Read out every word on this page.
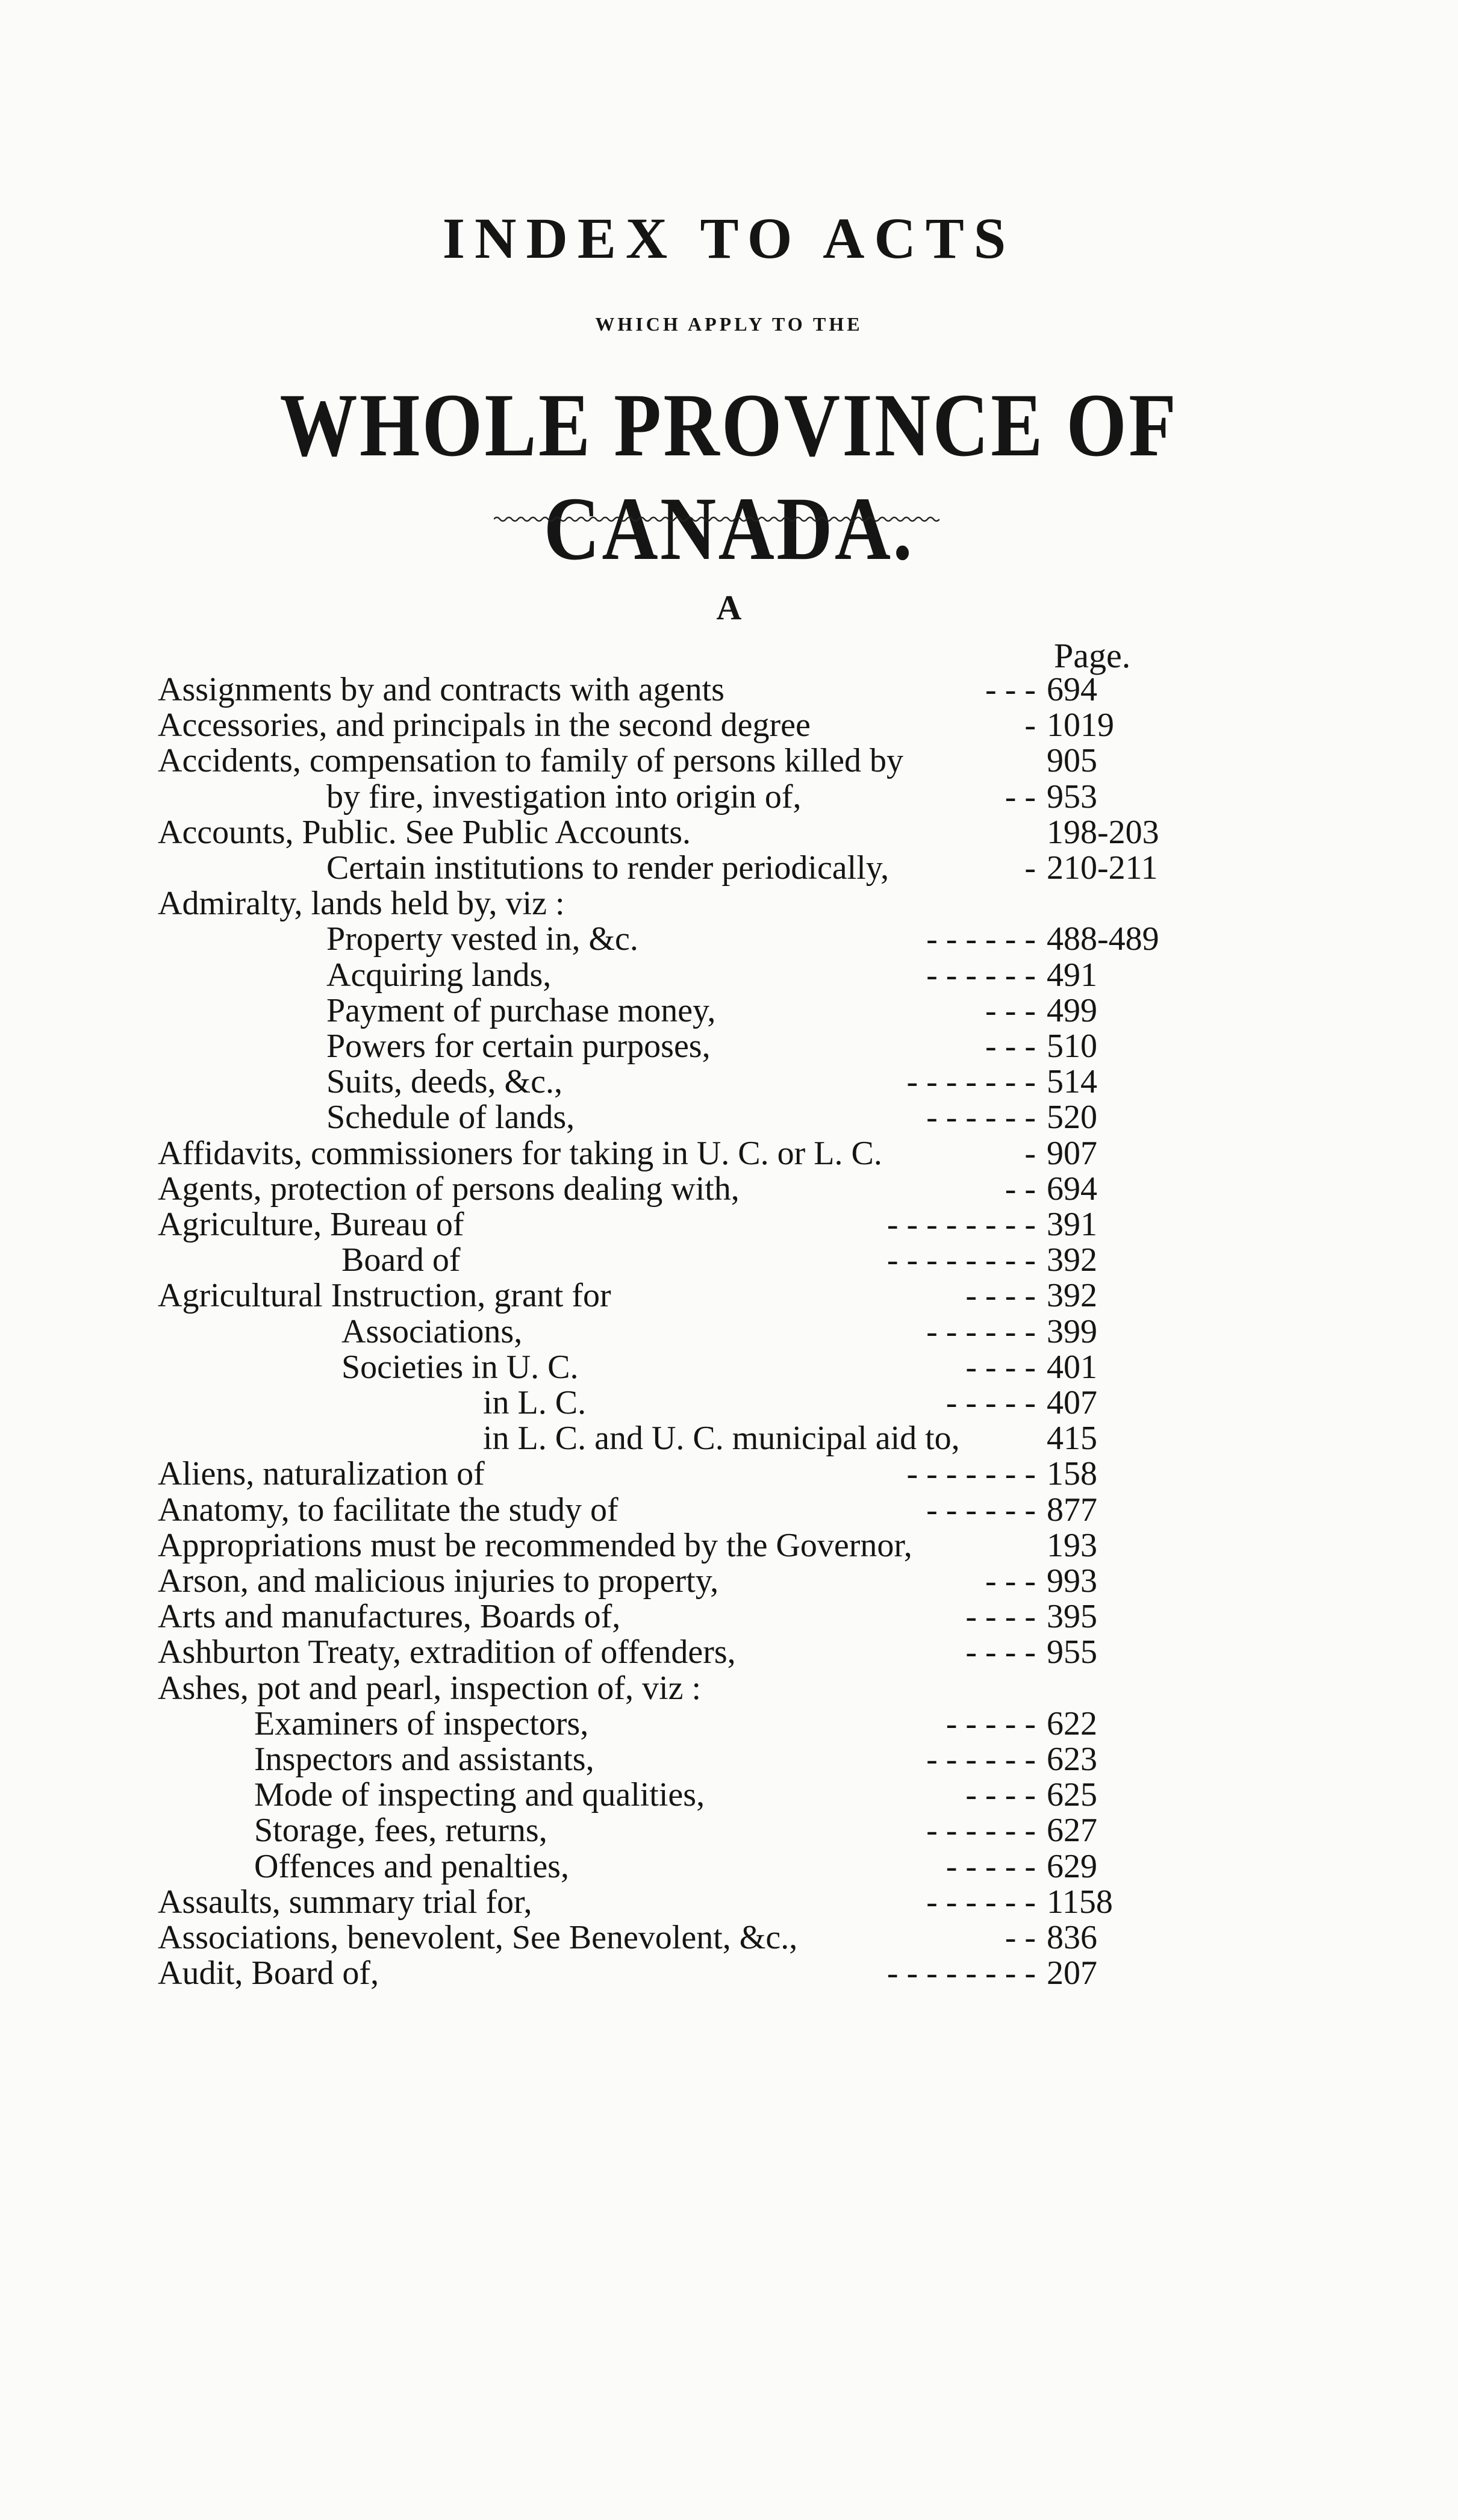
INDEX TO ACTS
WHICH APPLY TO THE
WHOLE PROVINCE OF CANADA.
A
Page.
Assignments by and contracts with agents	- - - 694
Accessories, and principals in the second degree	- 1019
Accidents, compensation to family of persons killed by	905
by fire, investigation into origin of,	- - 953
Accounts, Public. See Public Accounts.	198-203
Certain institutions to render periodically,	- 210-211
Admiralty, lands held by, viz :
Property vested in, &c.	- - - - - - 488-489
Acquiring lands,	- - - - - - 491
Payment of purchase money,	- - - 499
Powers for certain purposes,	- - - 510
Suits, deeds, &c.,	- - - - - - - 514
Schedule of lands,	- - - - - - 520
Affidavits, commissioners for taking in U. C. or L. C.	- 907
Agents, protection of persons dealing with,	- - 694
Agriculture, Bureau of	- - - - - - - - 391
Board of	- - - - - - - - 392
Agricultural Instruction, grant for	- - - - 392
Associations,	- - - - - - 399
Societies in U. C.	- - - - 401
in L. C.	- - - - - 407
in L. C. and U. C. municipal aid to,	415
Aliens, naturalization of	- - - - - - - 158
Anatomy, to facilitate the study of	- - - - - - 877
Appropriations must be recommended by the Governor,	193
Arson, and malicious injuries to property,	- - - 993
Arts and manufactures, Boards of,	- - - - 395
Ashburton Treaty, extradition of offenders,	- - - - 955
Ashes, pot and pearl, inspection of, viz :
Examiners of inspectors,	- - - - - 622
Inspectors and assistants,	- - - - - - 623
Mode of inspecting and qualities,	- - - - 625
Storage, fees, returns,	- - - - - - 627
Offences and penalties,	- - - - - 629
Assaults, summary trial for,	- - - - - - 1158
Associations, benevolent, See Benevolent, &c.,	- - 836
Audit, Board of,	- - - - - - - - 207
